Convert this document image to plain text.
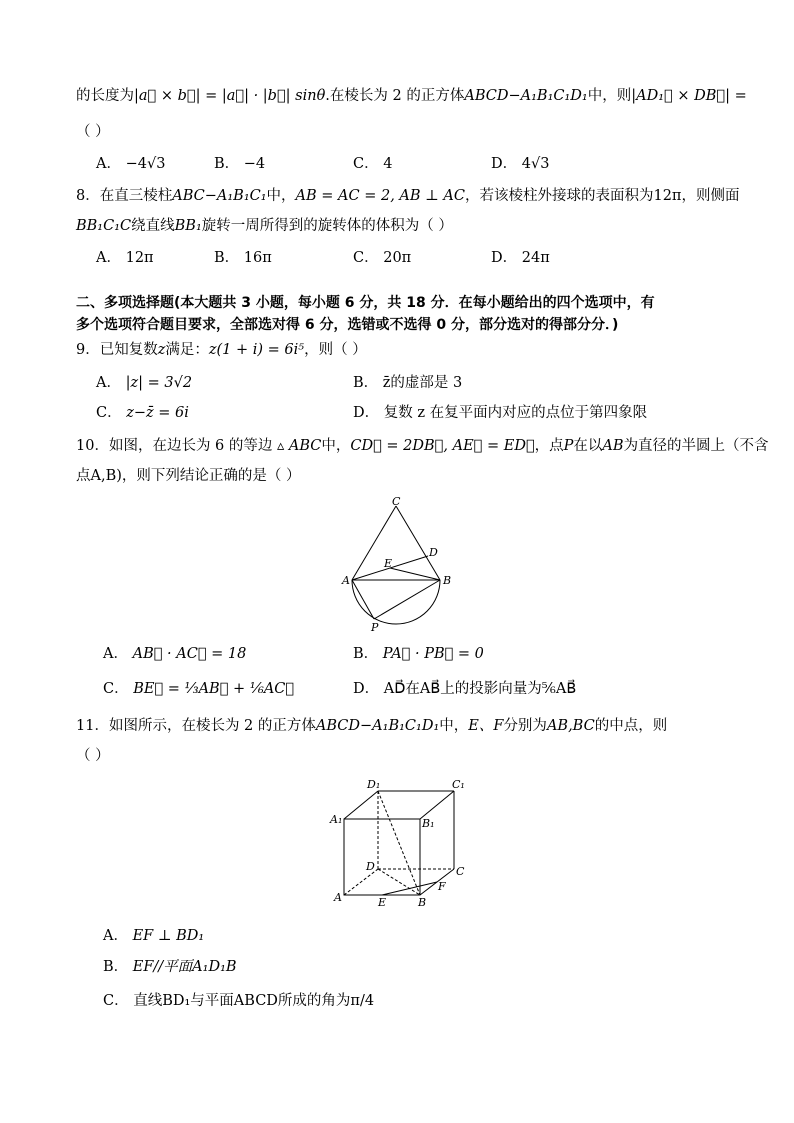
的长度为|a⃗ × b⃗| = |a⃗| · |b⃗| sinθ.在棱长为 2 的正方体ABCD−A₁B₁C₁D₁中，则|AD₁⃗ × DB⃗| =
（ ）
A． −4√3	B． −4	C． 4	D． 4√3
8．在直三棱柱ABC−A₁B₁C₁中，AB = AC = 2, AB ⊥ AC，若该棱柱外接球的表面积为12π，则侧面
BB₁C₁C绕直线BB₁旋转一周所得到的旋转体的体积为（ ）
A． 12π	B． 16π	C． 20π	D． 24π
二、多项选择题(本大题共 3 小题，每小题 6 分，共 18 分．在每小题给出的四个选项中，有
多个选项符合题目要求，全部选对得 6 分，选错或不选得 0 分，部分选对的得部分分．)
9．已知复数z满足：z(1 + i) = 6i⁵，则（ ）
A． |z| = 3√2	B． z̄的虚部是 3
C． z−z̄ = 6i	D． 复数 z 在复平面内对应的点位于第四象限
10．如图，在边长为 6 的等边 ▵ ABC中，CD⃗ = 2DB⃗, AE⃗ = ED⃗，点P在以AB为直径的半圆上（不含
点A,B)，则下列结论正确的是（ ）
C
D
E
A	B
P
A． AB⃗ · AC⃗ = 18	B． PA⃗ · PB⃗ = 0
C． BE⃗ = ⅓AB⃗ + ⅙AC⃗	D． AD⃗在AB⃗上的投影向量为⅚AB⃗
11．如图所示，在棱长为 2 的正方体ABCD−A₁B₁C₁D₁中，E、F分别为AB,BC的中点，则
（ ）
D₁	C₁
A₁	B₁
D	C
A	E	B
F
A． EF ⊥ BD₁
B． EF//平面A₁D₁B
C． 直线BD₁与平面ABCD所成的角为π/4
